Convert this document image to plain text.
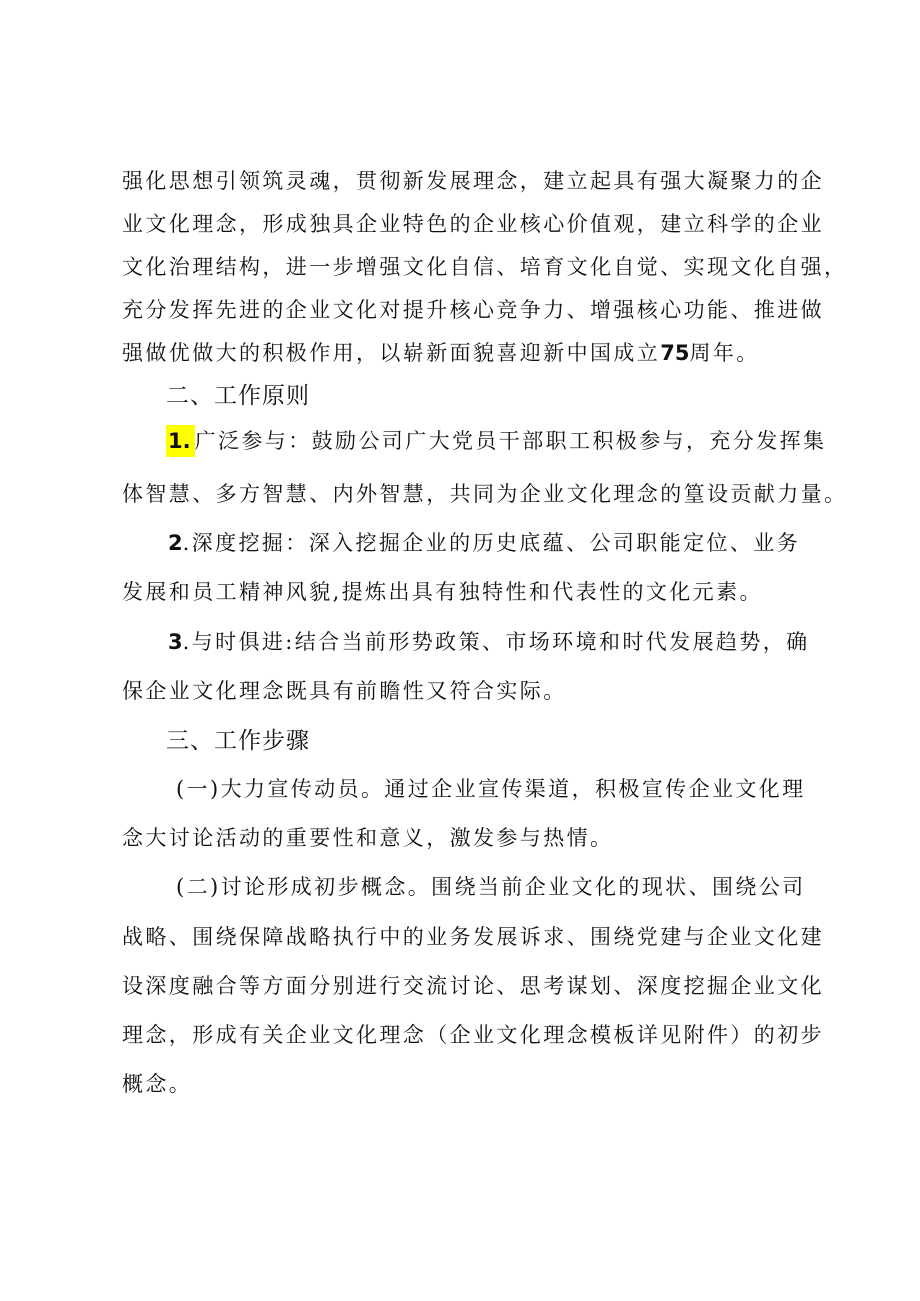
强化思想引领筑灵魂，贯彻新发展理念，建立起具有强大凝聚力的企
业文化理念，形成独具企业特色的企业核心价值观，建立科学的企业
文化治理结构，进一步增强文化自信、培育文化自觉、实现文化自强，
充分发挥先进的企业文化对提升核心竞争力、增强核心功能、推进做
强做优做大的积极作用，以崭新面貌喜迎新中国成立75周年。
二、工作原则
1. 广泛参与：鼓励公司广大党员干部职工积极参与，充分发挥集
体智慧、多方智慧、内外智慧，共同为企业文化理念的篁设贡献力量。
2.深度挖掘：深入挖掘企业的历史底蕴、公司职能定位、业务
发展和员工精神风貌,提炼出具有独特性和代表性的文化元素。
3.与时俱进:结合当前形势政策、市场环境和时代发展趋势，确
保企业文化理念既具有前瞻性又符合实际。
三、工作步骤
(一)大力宣传动员。通过企业宣传渠道，积极宣传企业文化理
念大讨论活动的重要性和意义，激发参与热情。
(二)讨论形成初步概念。围绕当前企业文化的现状、围绕公司
战略、围绕保障战略执行中的业务发展诉求、围绕党建与企业文化建
设深度融合等方面分别进行交流讨论、思考谋划、深度挖掘企业文化
理念，形成有关企业文化理念（企业文化理念模板详见附件）的初步
概念。
